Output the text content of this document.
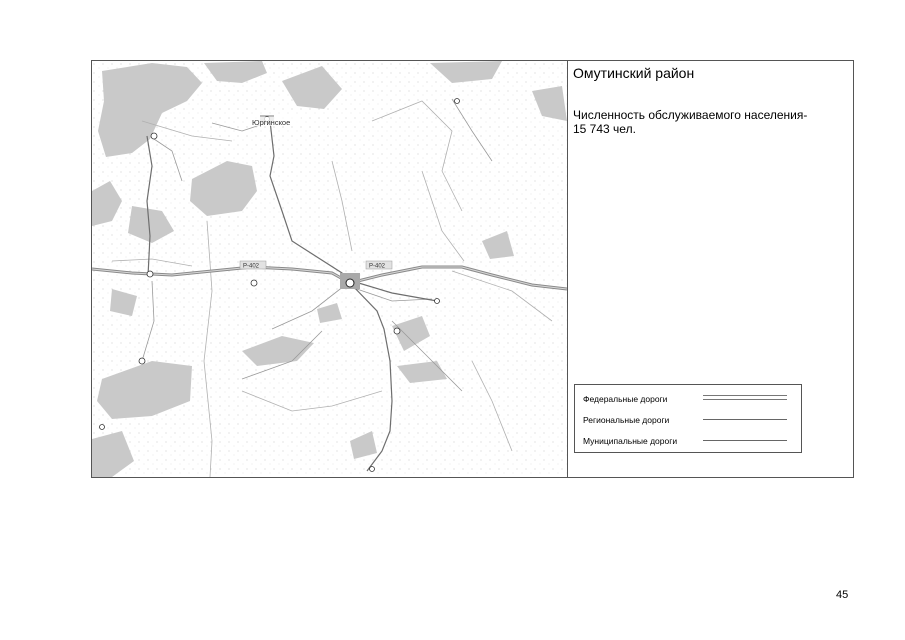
Юргинское
Р-402	Р-402
Омутинский район
Численность обслуживаемого населения-
15 743 чел.
Федеральные дороги
Региональные дороги
Муниципальные дороги
45
